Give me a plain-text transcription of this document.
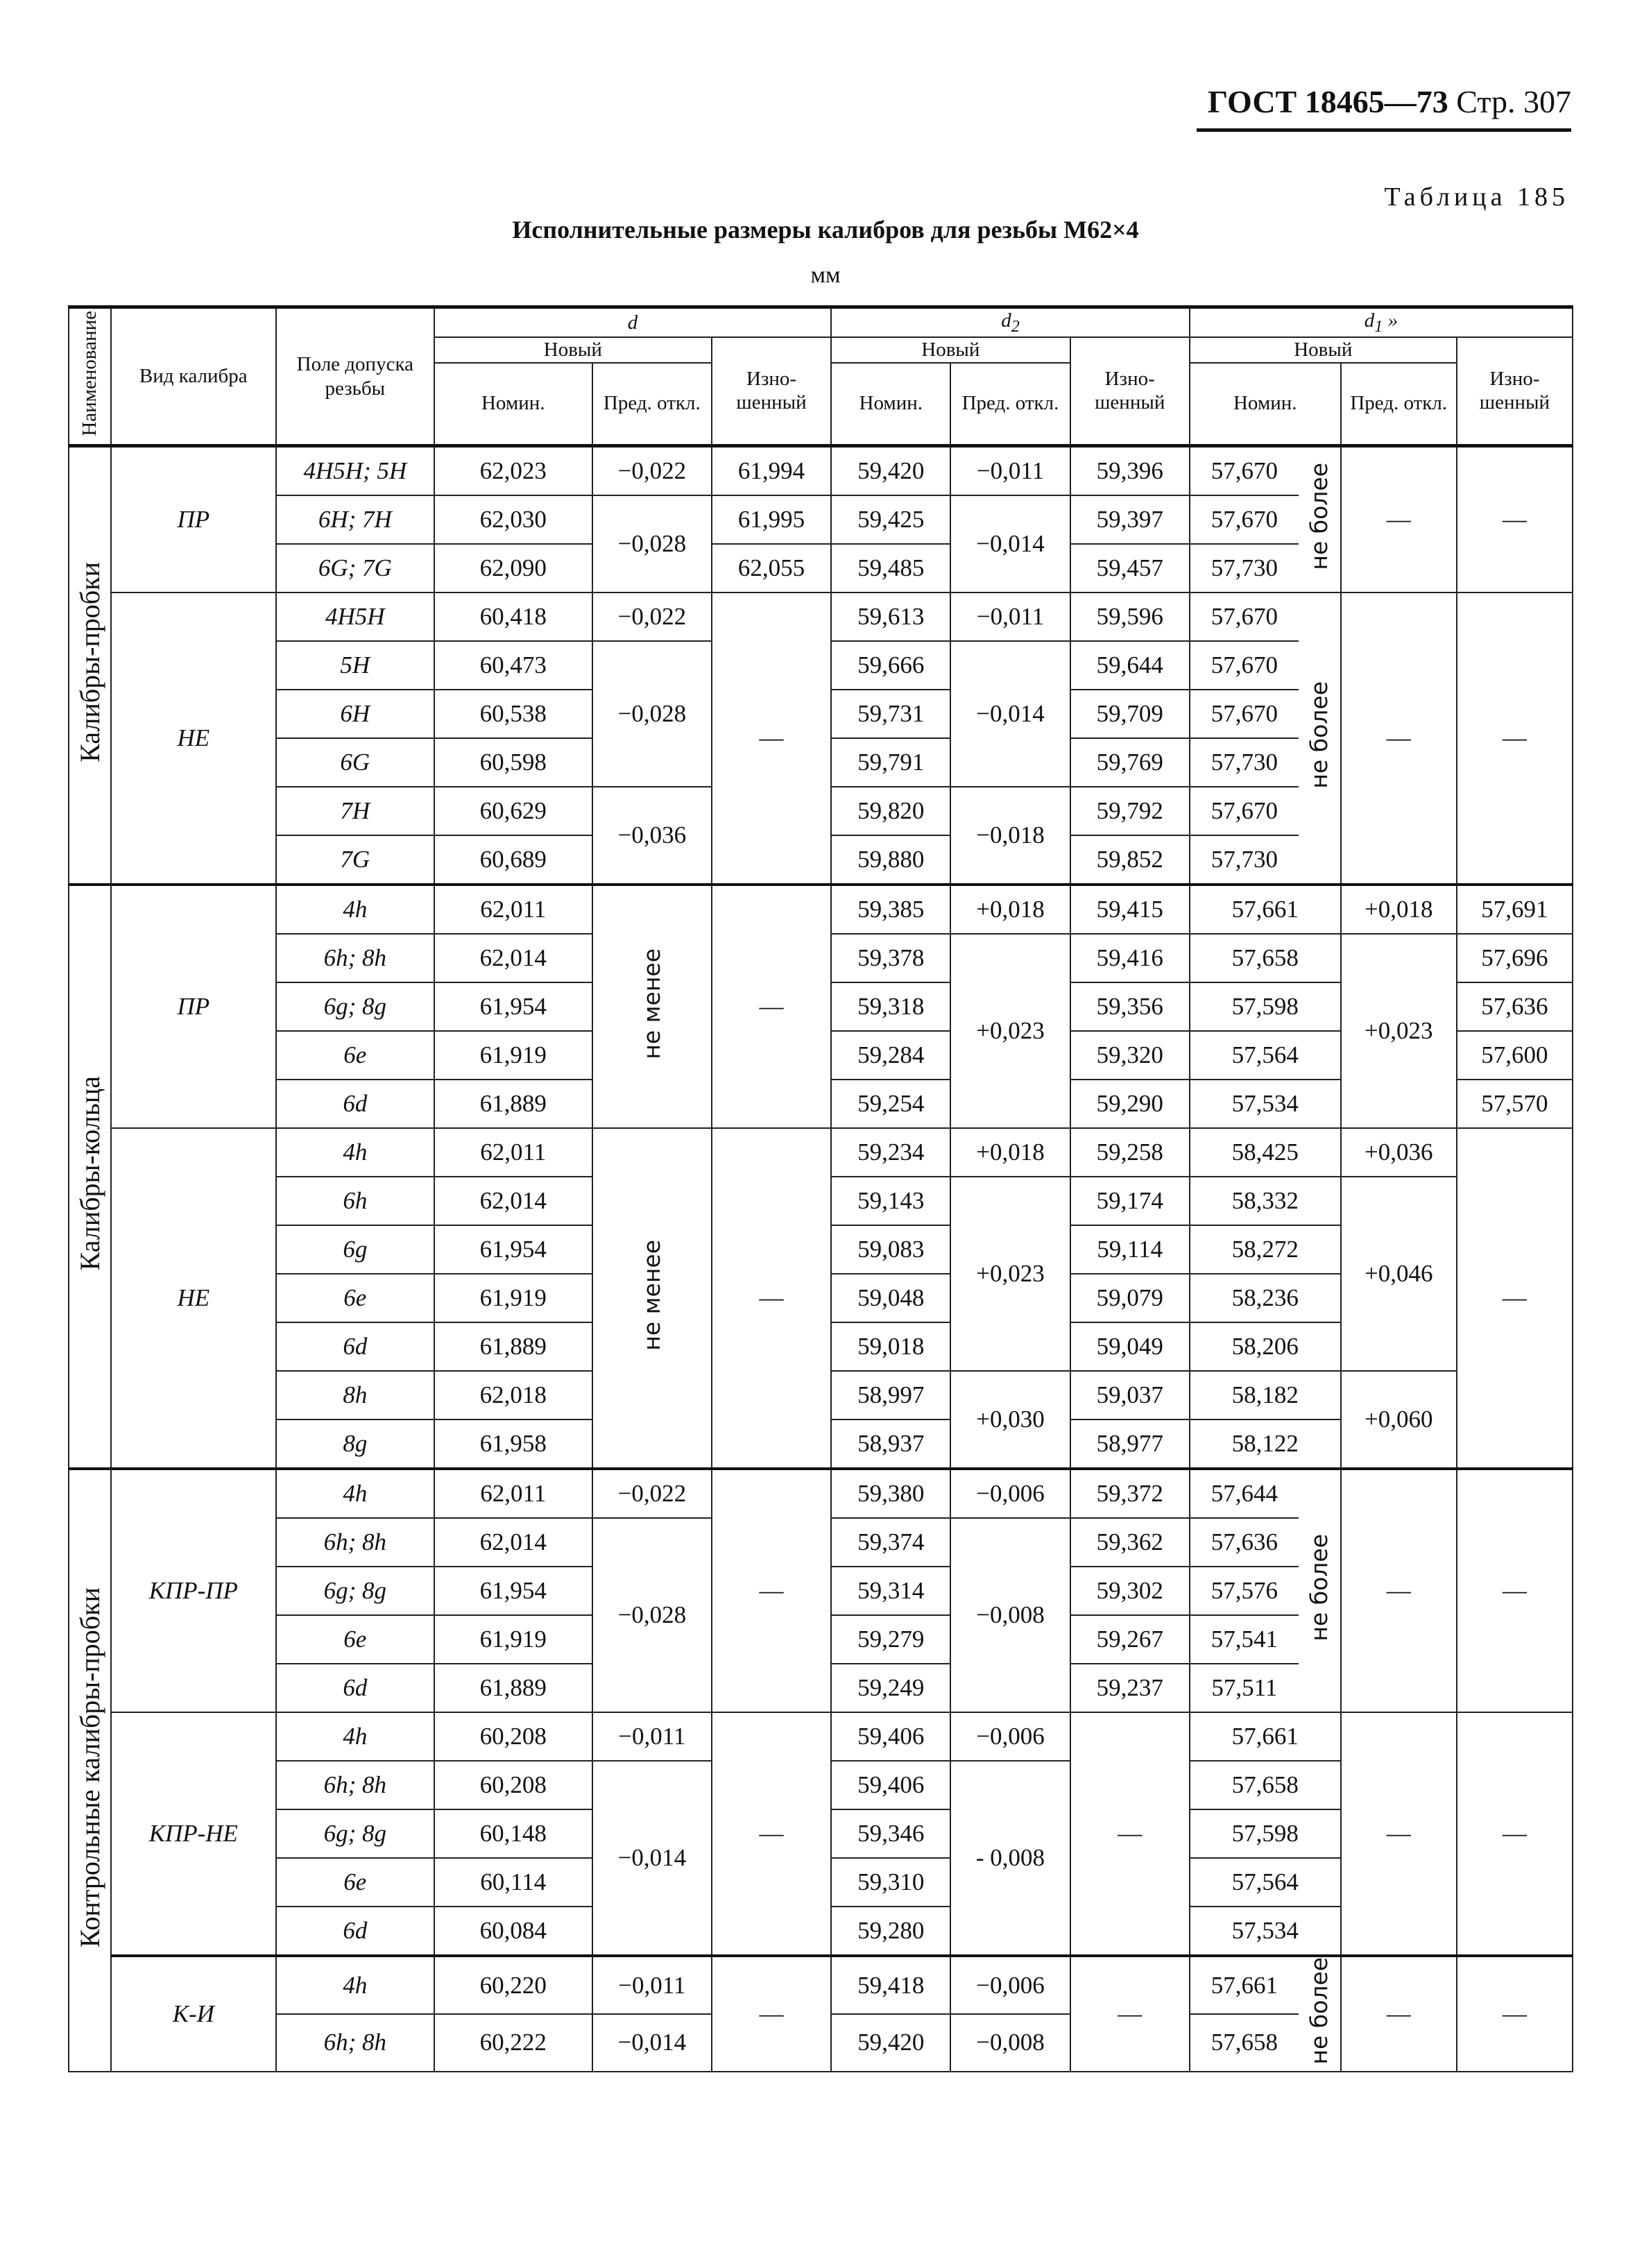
ГОСТ 18465—73 Стр. 307
Таблица 185
Исполнительные размеры калибров для резьбы М62×4
мм
Наименование	Вид калибра	Поле допуска резьбы	d			$d_2$			$d_1$ »			
			Новый		Изно-шенный	Новый		Изно-шенный	Новый			Изно-шенный
			Номин.	Пред. откл.		Номин.	Пред. откл.		Номин.		Пред. откл.	
Калибры-пробки	ПР	4H5H; 5H	62,023	−0,022	61,994	59,420	−0,011	59,396	57,670	не более	—	—
		6H; 7H	62,030	−0,028	61,995	59,425	−0,014	59,397	57,670			
		6G; 7G	62,090		62,055	59,485		59,457	57,730			
	НЕ	4H5H	60,418	−0,022	—	59,613	−0,011	59,596	57,670	не более	—	—
		5H	60,473	−0,028		59,666	−0,014	59,644	57,670			
		6H	60,538			59,731		59,709	57,670			
		6G	60,598			59,791		59,769	57,730			
		7H	60,629	−0,036		59,820	−0,018	59,792	57,670			
		7G	60,689			59,880		59,852	57,730			
Калибры-кольца	ПР	4h	62,011	не менее	—	59,385	+0,018	59,415	57,661		+0,018	57,691
		6h; 8h	62,014			59,378	+0,023	59,416	57,658		+0,023	57,696
		6g; 8g	61,954			59,318		59,356	57,598			57,636
		6e	61,919			59,284		59,320	57,564			57,600
		6d	61,889			59,254		59,290	57,534			57,570
	НЕ	4h	62,011	не менее	—	59,234	+0,018	59,258	58,425		+0,036	—
		6h	62,014			59,143	+0,023	59,174	58,332		+0,046	
		6g	61,954			59,083		59,114	58,272			
		6e	61,919			59,048		59,079	58,236			
		6d	61,889			59,018		59,049	58,206			
		8h	62,018			58,997	+0,030	59,037	58,182		+0,060	
		8g	61,958			58,937		58,977	58,122			
Контрольные калибры-пробки	КПР-ПР	4h	62,011	−0,022	—	59,380	−0,006	59,372	57,644	не более	—	—
		6h; 8h	62,014	−0,028		59,374	−0,008	59,362	57,636			
		6g; 8g	61,954			59,314		59,302	57,576			
		6e	61,919			59,279		59,267	57,541			
		6d	61,889			59,249		59,237	57,511			
	КПР-НЕ	4h	60,208	−0,011	—	59,406	−0,006	—	57,661		—	—
		6h; 8h	60,208	−0,014		59,406	- 0,008		57,658			
		6g; 8g	60,148			59,346			57,598			
		6e	60,114			59,310			57,564			
		6d	60,084			59,280			57,534			
	К-И	4h	60,220	−0,011	—	59,418	−0,006	—	57,661	не более	—	—
		6h; 8h	60,222	−0,014		59,420	−0,008		57,658			
